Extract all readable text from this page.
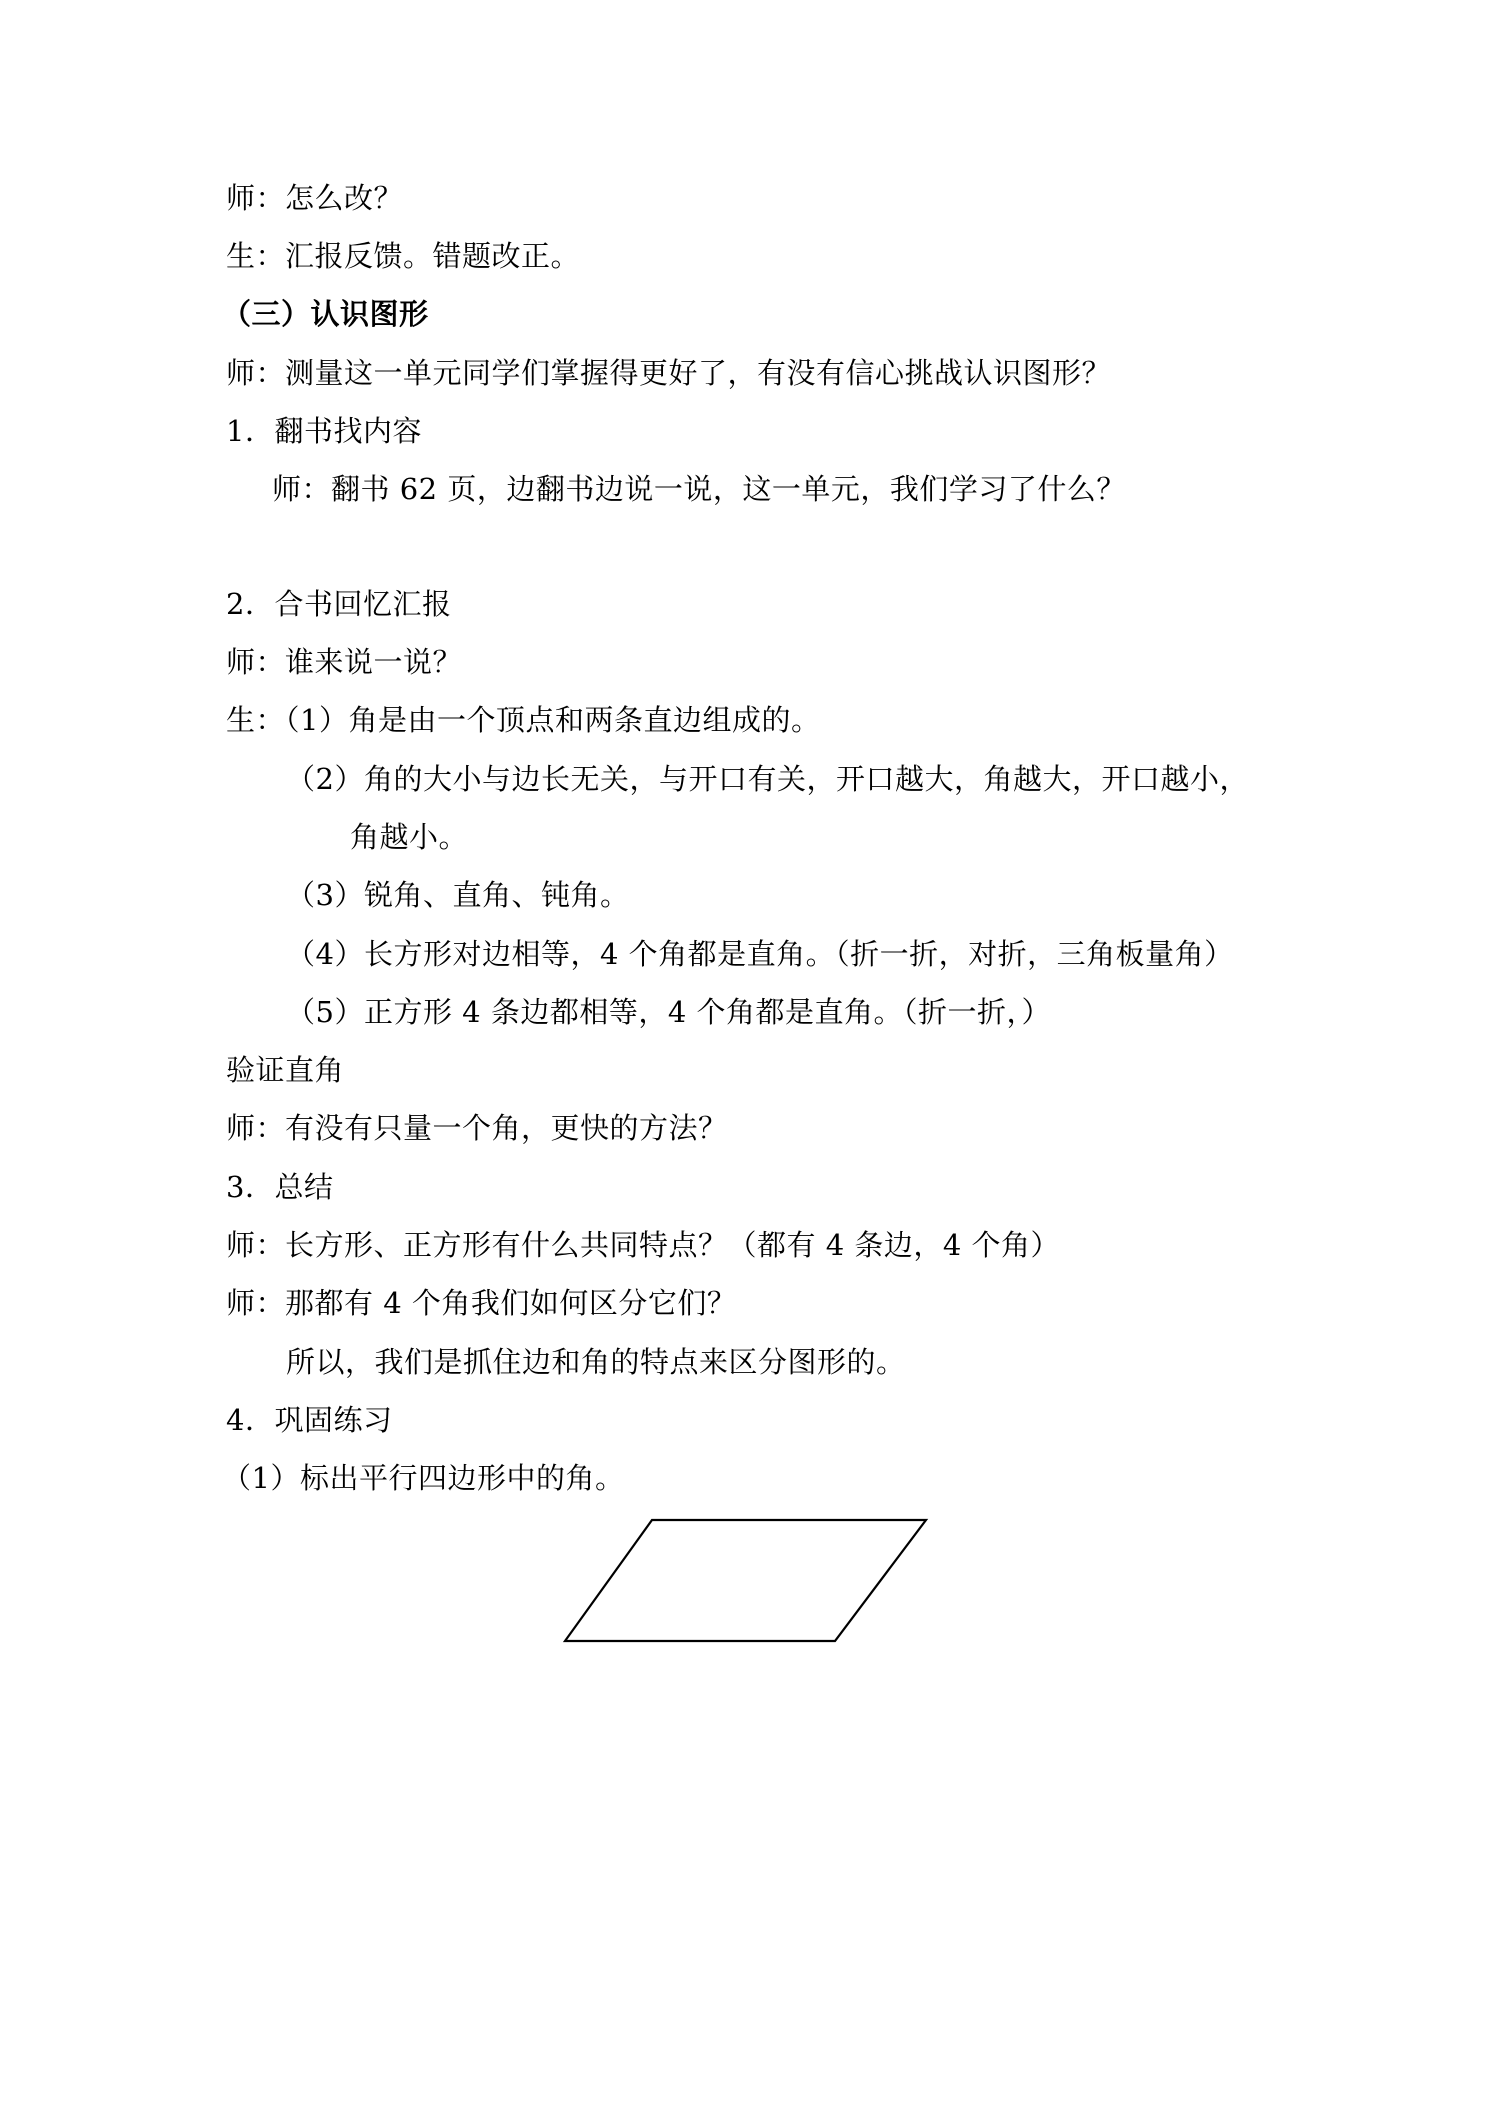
师：怎么改？
生：汇报反馈。错题改正。
（三）认识图形
师：测量这一单元同学们掌握得更好了，有没有信心挑战认识图形？
1．翻书找内容
师：翻书 62 页，边翻书边说一说，这一单元，我们学习了什么？
2．合书回忆汇报
师：谁来说一说？
生：（1）角是由一个顶点和两条直边组成的。
（2）角的大小与边长无关，与开口有关，开口越大，角越大，开口越小，
角越小。
（3）锐角、直角、钝角。
（4）长方形对边相等，4 个角都是直角。（折一折，对折，三角板量角）
（5）正方形 4 条边都相等，4 个角都是直角。（折一折，）
验证直角
师：有没有只量一个角，更快的方法？
3．总结
师：长方形、正方形有什么共同特点？（都有 4 条边，4 个角）
师：那都有 4 个角我们如何区分它们？
所以，我们是抓住边和角的特点来区分图形的。
4．巩固练习
（1）标出平行四边形中的角。
